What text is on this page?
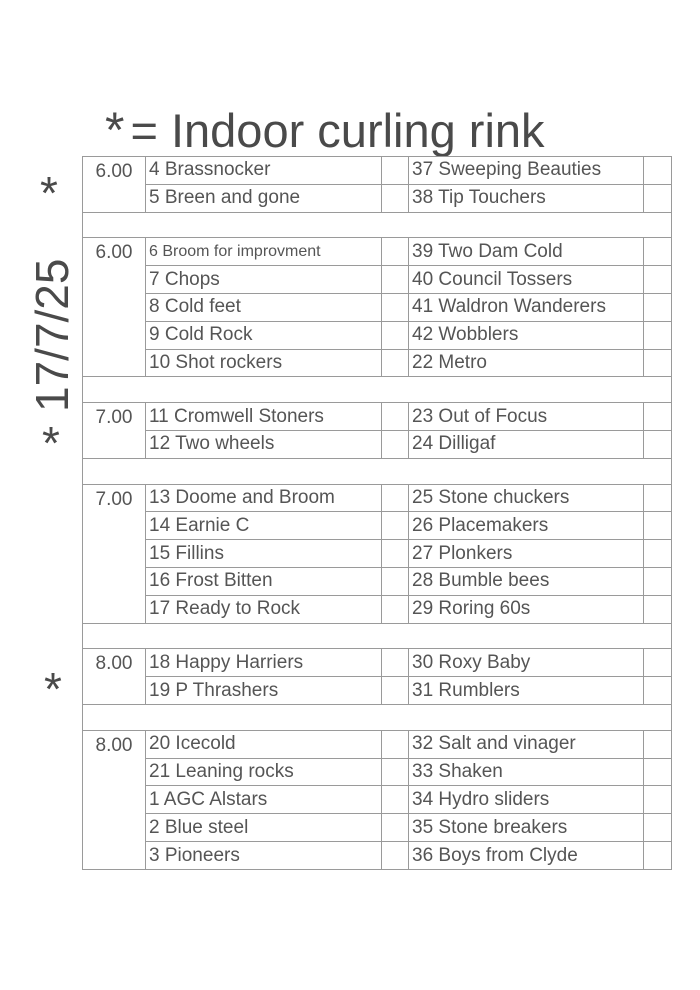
* = Indoor curling rink
17/7/25
*
*
*
6.00	4 Brassnocker		37 Sweeping Beauties	
	5 Breen and gone		38 Tip Touchers	

6.00	6 Broom for improvment		39 Two Dam Cold	
	7 Chops		40 Council Tossers	
	8 Cold feet		41 Waldron Wanderers	
	9 Cold Rock		42 Wobblers	
	10 Shot rockers		22 Metro	

7.00	11 Cromwell Stoners		23 Out of Focus	
	12 Two wheels		24 Dilligaf	

7.00	13 Doome and Broom		25 Stone chuckers	
	14 Earnie C		26 Placemakers	
	15 Fillins		27 Plonkers	
	16 Frost Bitten		28 Bumble bees	
	17 Ready to Rock		29 Roring 60s	

8.00	18 Happy Harriers		30 Roxy Baby	
	19 P Thrashers		31 Rumblers	

8.00	20 Icecold		32 Salt and vinager	
	21 Leaning rocks		33 Shaken	
	1 AGC Alstars		34 Hydro sliders	
	2 Blue steel		35 Stone breakers	
	3 Pioneers		36 Boys from Clyde	
